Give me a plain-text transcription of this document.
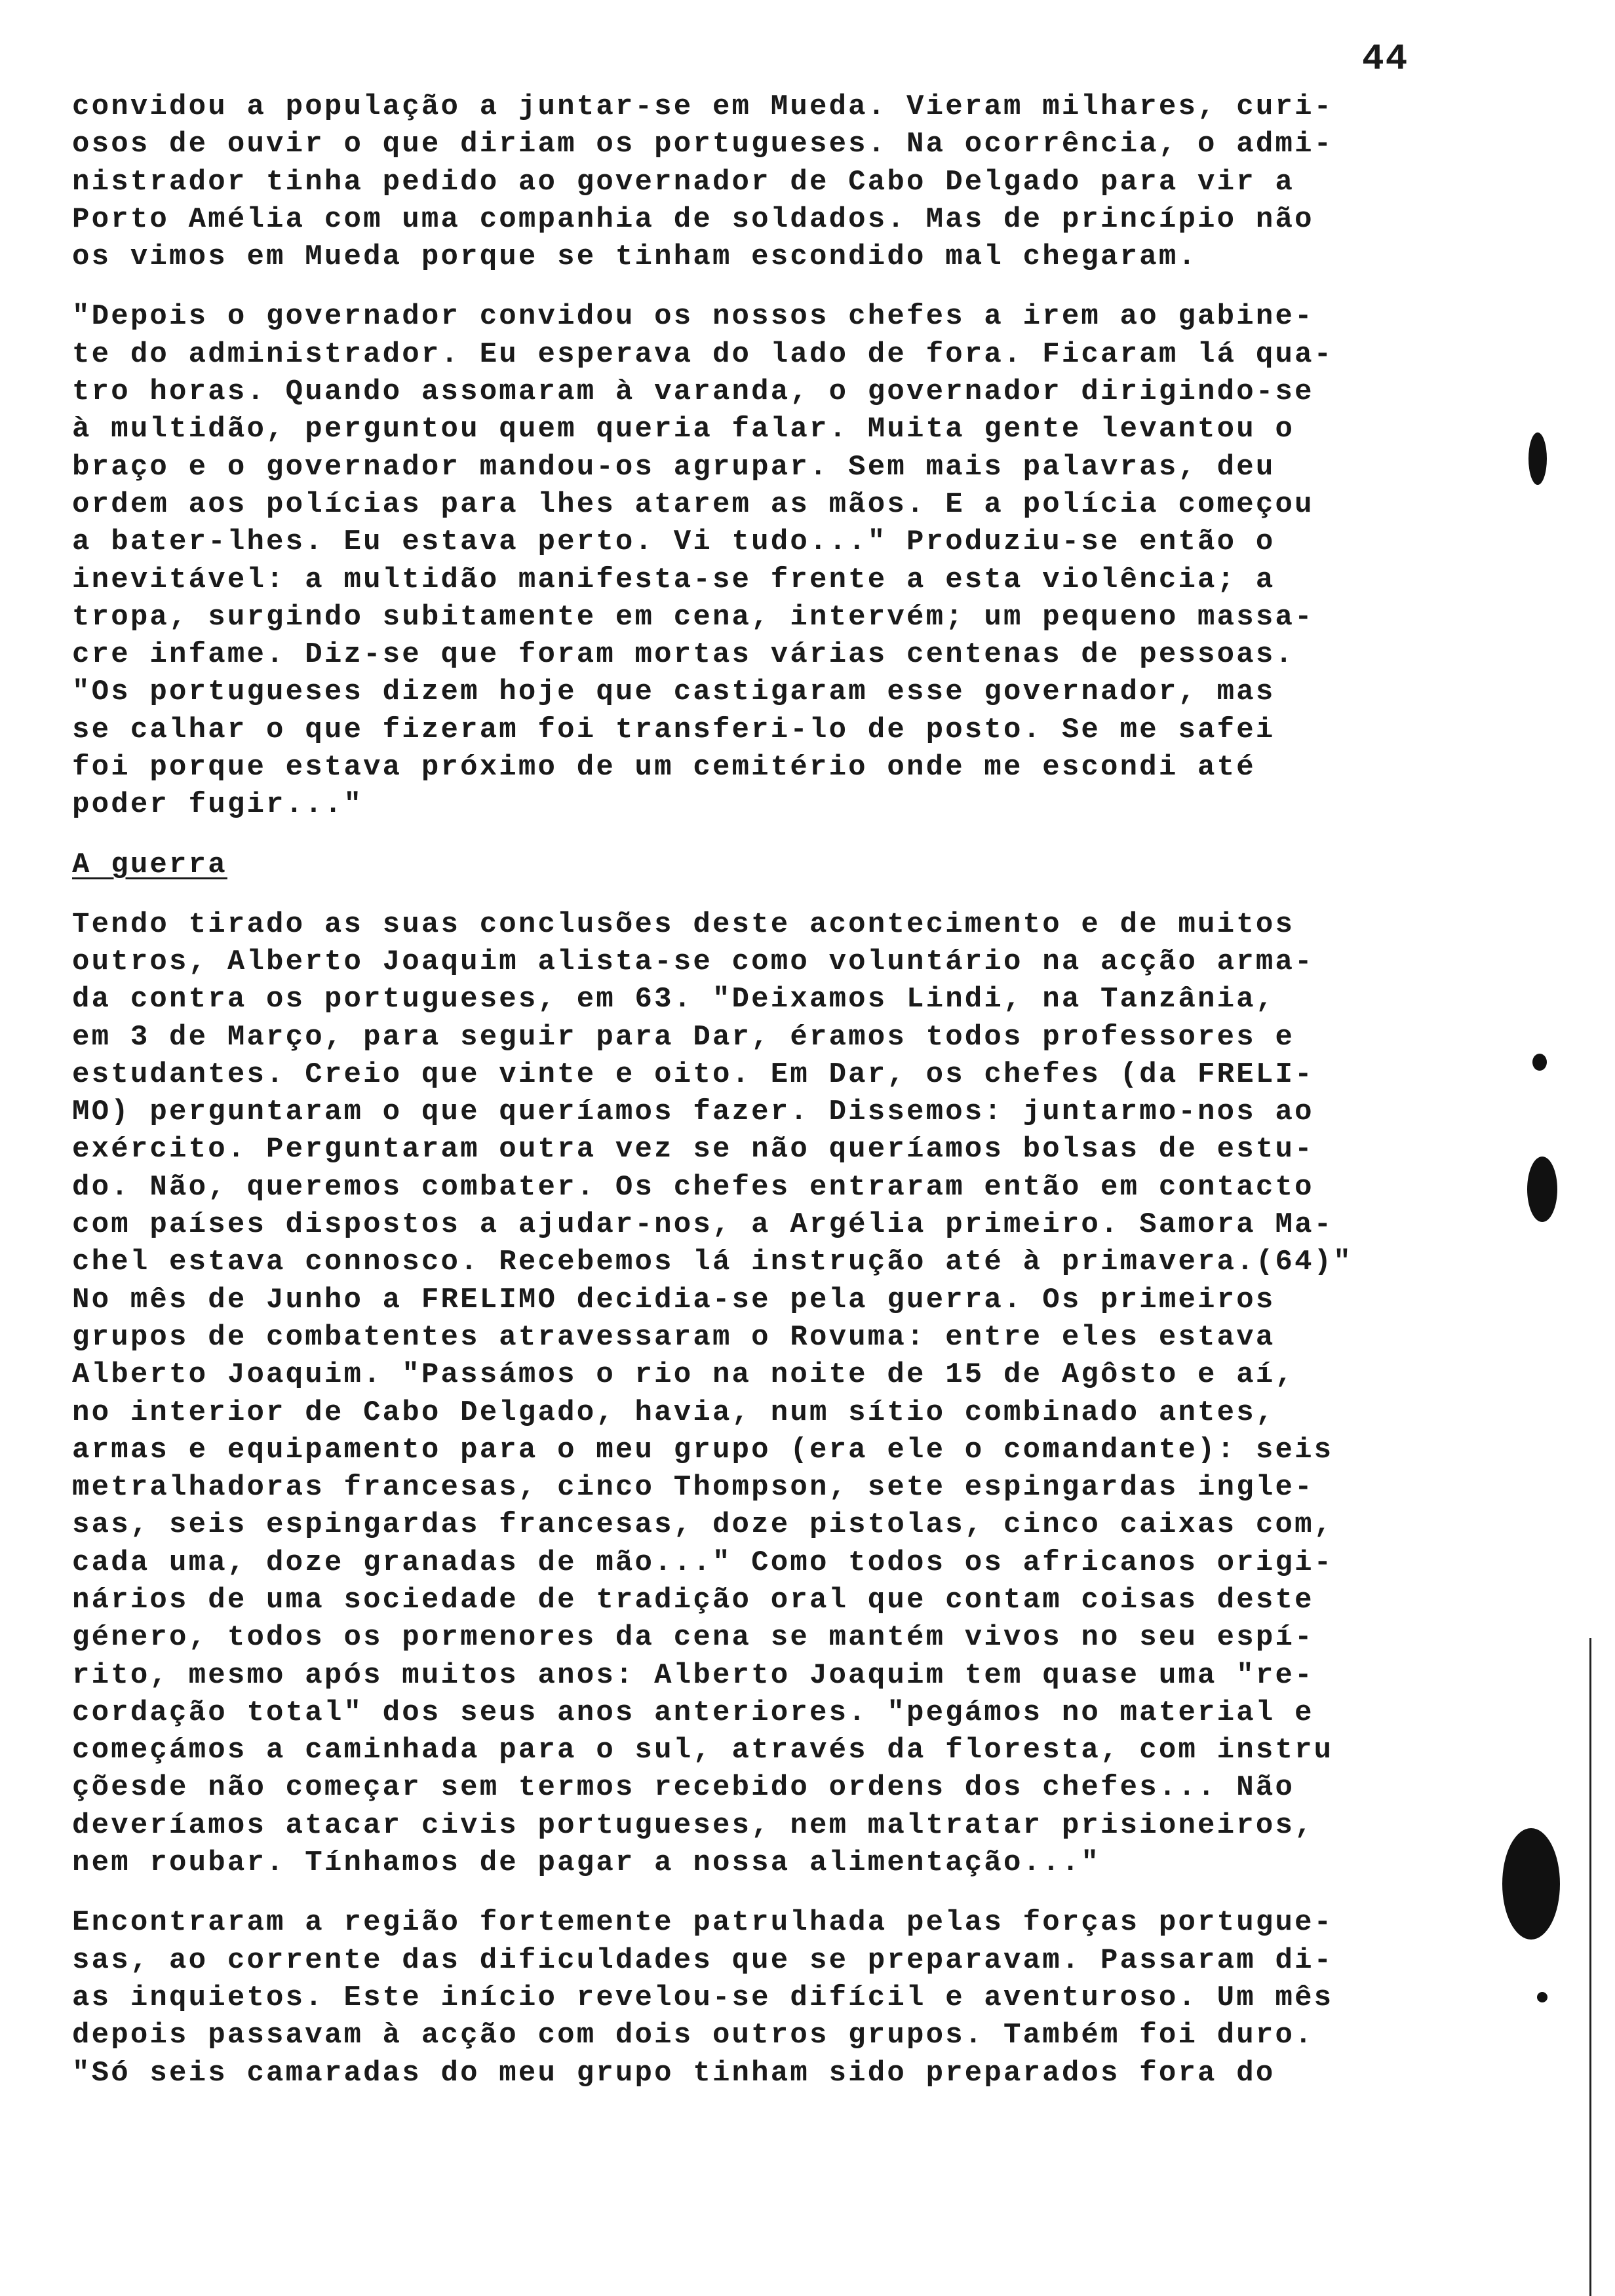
44
convidou a população a juntar-se em Mueda. Vieram milhares, curi-
osos de ouvir o que diriam os portugueses. Na ocorrência, o admi-
nistrador tinha pedido ao governador de Cabo Delgado para vir a
Porto Amélia com uma companhia de soldados. Mas de princípio não
os vimos em Mueda porque se tinham escondido mal chegaram.
"Depois o governador convidou os nossos chefes a irem ao gabine-
te do administrador. Eu esperava do lado de fora. Ficaram lá qua-
tro horas. Quando assomaram à varanda, o governador dirigindo-se
à multidão, perguntou quem queria falar. Muita gente levantou o
braço e o governador mandou-os agrupar. Sem mais palavras, deu
ordem aos polícias para lhes atarem as mãos. E a polícia começou
a bater-lhes. Eu estava perto. Vi tudo..." Produziu-se então o
inevitável: a multidão manifesta-se frente a esta violência; a
tropa, surgindo subitamente em cena, intervém; um pequeno massa-
cre infame. Diz-se que foram mortas várias centenas de pessoas.
"Os portugueses dizem hoje que castigaram esse governador, mas
se calhar o que fizeram foi transferi-lo de posto. Se me safei
foi porque estava próximo de um cemitério onde me escondi até
poder fugir..."
A guerra
Tendo tirado as suas conclusões deste acontecimento e de muitos
outros, Alberto Joaquim alista-se como voluntário na acção arma-
da contra os portugueses, em 63. "Deixamos Lindi, na Tanzânia,
em 3 de Março, para seguir para Dar, éramos todos professores e
estudantes. Creio que vinte e oito. Em Dar, os chefes (da FRELI-
MO) perguntaram o que queríamos fazer. Dissemos: juntarmo-nos ao
exército. Perguntaram outra vez se não queríamos bolsas de estu-
do. Não, queremos combater. Os chefes entraram então em contacto
com países dispostos a ajudar-nos, a Argélia primeiro. Samora Ma-
chel estava connosco. Recebemos lá instrução até à primavera.(64)"
No mês de Junho a FRELIMO decidia-se pela guerra. Os primeiros
grupos de combatentes atravessaram o Rovuma: entre eles estava
Alberto Joaquim. "Passámos o rio na noite de 15 de Agôsto e aí,
no interior de Cabo Delgado, havia, num sítio combinado antes,
armas e equipamento para o meu grupo (era ele o comandante): seis
metralhadoras francesas, cinco Thompson, sete espingardas ingle-
sas, seis espingardas francesas, doze pistolas, cinco caixas com,
cada uma, doze granadas de mão..." Como todos os africanos origi-
nários de uma sociedade de tradição oral que contam coisas deste
género, todos os pormenores da cena se mantém vivos no seu espí-
rito, mesmo após muitos anos: Alberto Joaquim tem quase uma "re-
cordação total" dos seus anos anteriores. "pegámos no material e
começámos a caminhada para o sul, através da floresta, com instru
çõesde não começar sem termos recebido ordens dos chefes... Não
deveríamos atacar civis portugueses, nem maltratar prisioneiros,
nem roubar. Tínhamos de pagar a nossa alimentação..."
Encontraram a região fortemente patrulhada pelas forças portugue-
sas, ao corrente das dificuldades que se preparavam. Passaram di-
as inquietos. Este início revelou-se difícil e aventuroso. Um mês
depois passavam à acção com dois outros grupos. Também foi duro.
"Só seis camaradas do meu grupo tinham sido preparados fora do
